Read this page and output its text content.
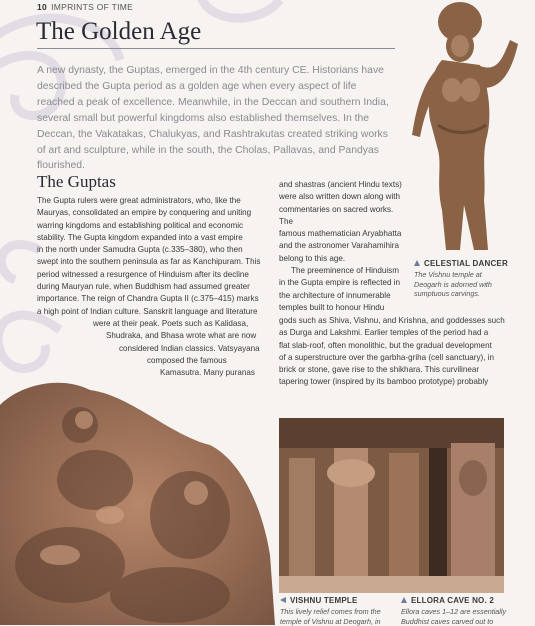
10 IMPRINTS OF TIME
The Golden Age
A new dynasty, the Guptas, emerged in the 4th century CE. Historians have described the Gupta period as a golden age when every aspect of life reached a peak of excellence. Meanwhile, in the Deccan and southern India, several small but powerful kingdoms also established themselves. In the Deccan, the Vakatakas, Chalukyas, and Rashtrakutas created striking works of art and sculpture, while in the south, the Cholas, Pallavas, and Pandyas flourished.
The Guptas

The Gupta rulers were great administrators, who, like the

Mauryas, consolidated an empire by conquering and uniting

warring kingdoms and establishing political and economic

stability. The Gupta kingdom expanded into a vast empire

in the north under Samudra Gupta (c.335–380), who then

swept into the southern peninsula as far as Kanchipuram. This

period witnessed a resurgence of Hinduism after its decline

during Mauryan rule, when Buddhism had assumed greater

importance. The reign of Chandra Gupta II (c.375–415) marks

a high point of Indian culture. Sanskrit language and literature

were at their peak. Poets such as Kalidasa,

Shudraka, and Bhasa wrote what are now

considered Indian classics. Vatsyayana

composed the famous

Kamasutra. Many puranas

and shastras (ancient Hindu texts)

were also written down along with

commentaries on sacred works. The

famous mathematician Aryabhatta

and the astronomer Varahamihira

belong to this age.

The preeminence of Hinduism

in the Gupta empire is reflected in

the architecture of innumerable

temples built to honour Hindu

gods such as Shiva, Vishnu, and Krishna, and goddesses such

as Durga and Lakshmi. Earlier temples of the period had a

flat slab-roof, often monolithic, but the gradual development

of a superstructure over the garbha-griha (cell sanctuary), in

brick or stone, gave rise to the shikhara. This curvilinear

tapering tower (inspired by its bamboo prototype) probably

CELESTIAL DANCER
The Vishnu temple at
Deogarh is adorned with
sumptuous carvings.
VISHNU TEMPLE
This lively relief comes from the
temple of Vishnu at Deogarh, in
ELLORA CAVE NO. 2
Ellora caves 1–12 are essentially
Buddhist caves carved out to
